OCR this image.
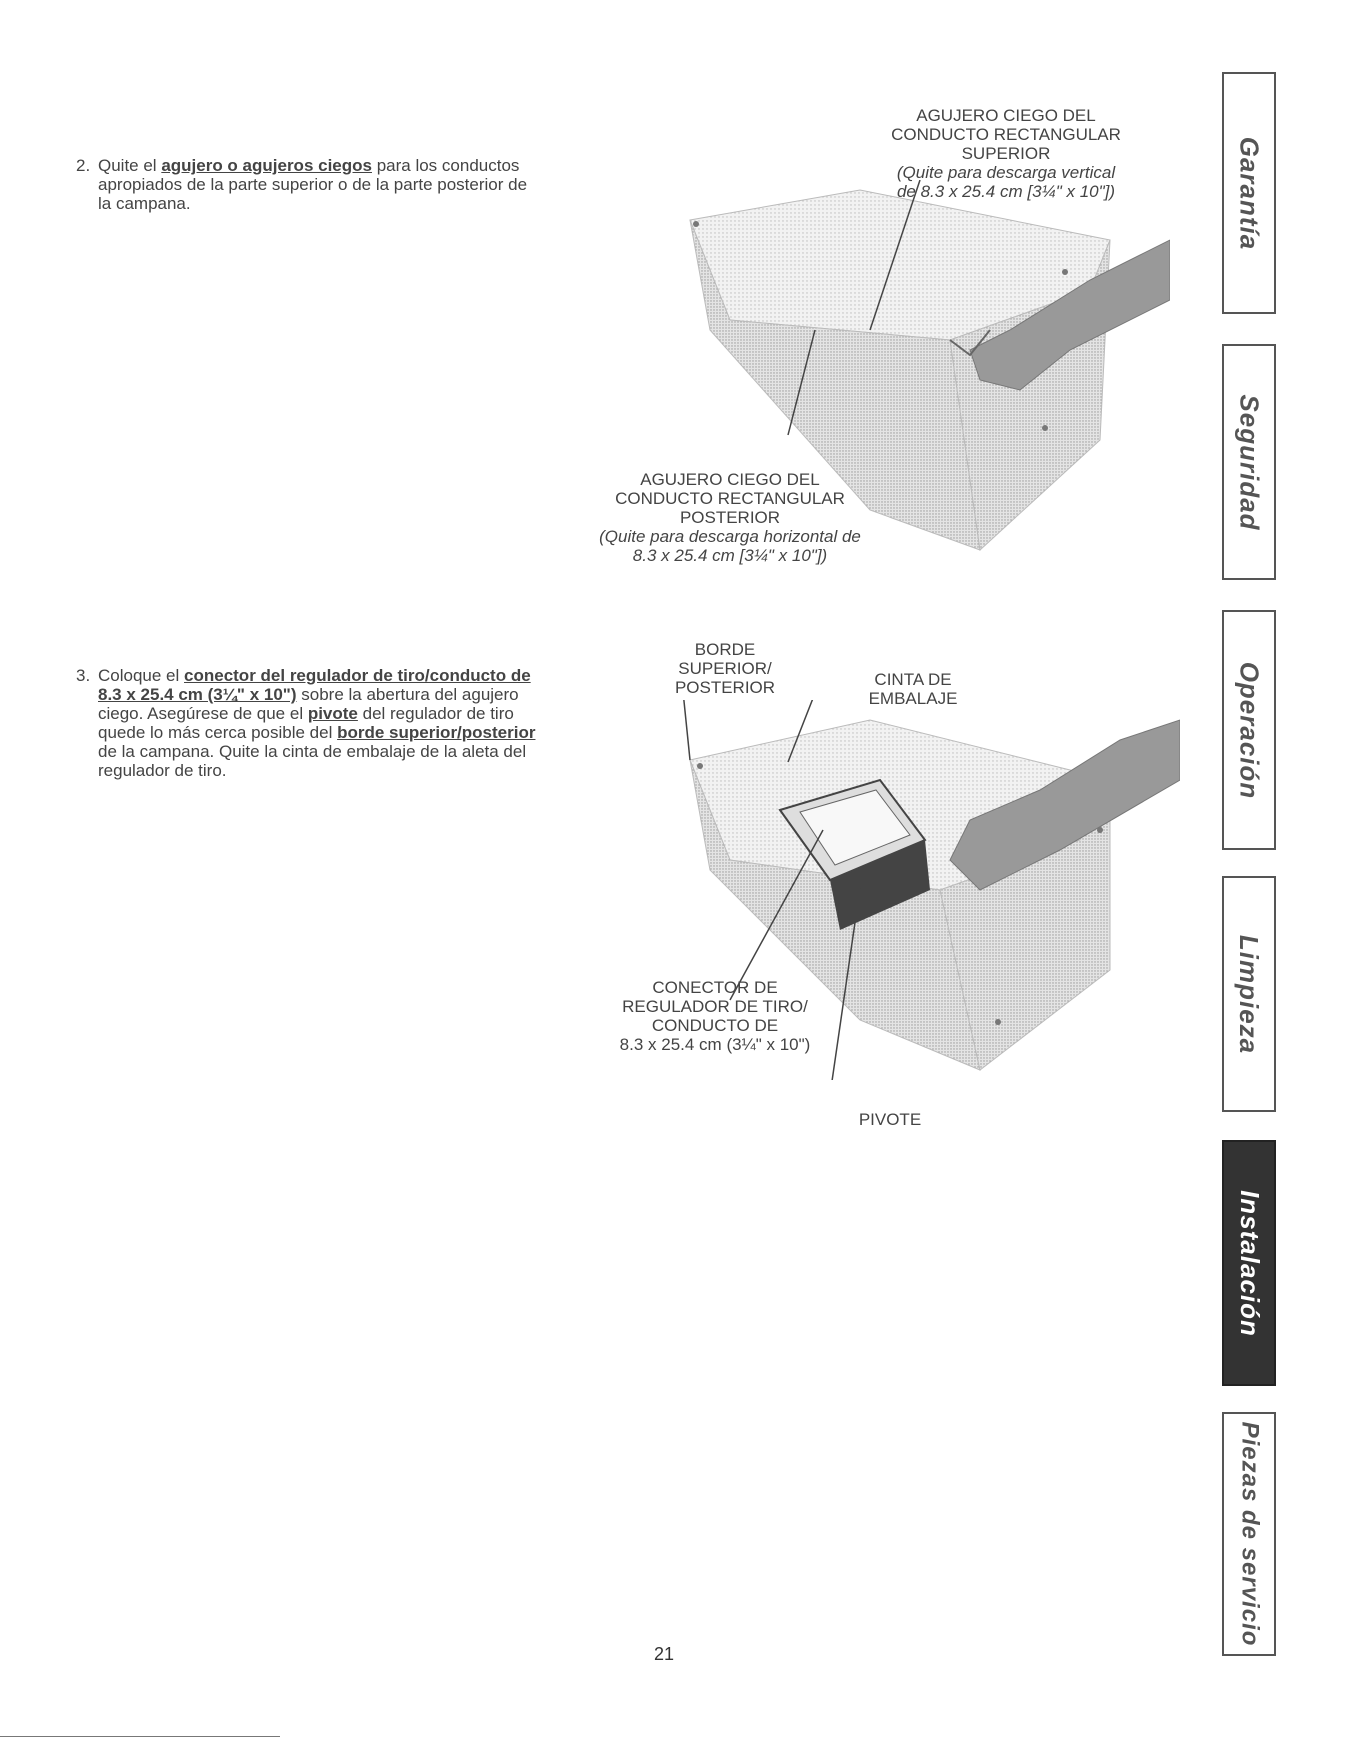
2. Quite el agujero o agujeros ciegos para los conductos
apropiados de la parte superior o de la parte posterior de
la campana.
3. Coloque el conector del regulador de tiro/conducto de
8.3 x 25.4 cm (3¼" x 10") sobre la abertura del agujero
ciego. Asegúrese de que el pivote del regulador de tiro
quede lo más cerca posible del borde superior/posterior
de la campana. Quite la cinta de embalaje de la aleta del
regulador de tiro.
AGUJERO CIEGO DEL
CONDUCTO RECTANGULAR
SUPERIOR
(Quite para descarga vertical
de 8.3 x 25.4 cm [3¼" x 10"])
AGUJERO CIEGO DEL
CONDUCTO RECTANGULAR
POSTERIOR
(Quite para descarga horizontal de
8.3 x 25.4 cm [3¼" x 10"])
BORDE
SUPERIOR/
POSTERIOR	CINTA DE
EMBALAJE
CONECTOR DE
REGULADOR DE TIRO/
CONDUCTO DE
8.3 x 25.4 cm (3¼" x 10")
PIVOTE
Garantía
Seguridad
Operación
Limpieza
Instalación
Piezas de servicio
21
